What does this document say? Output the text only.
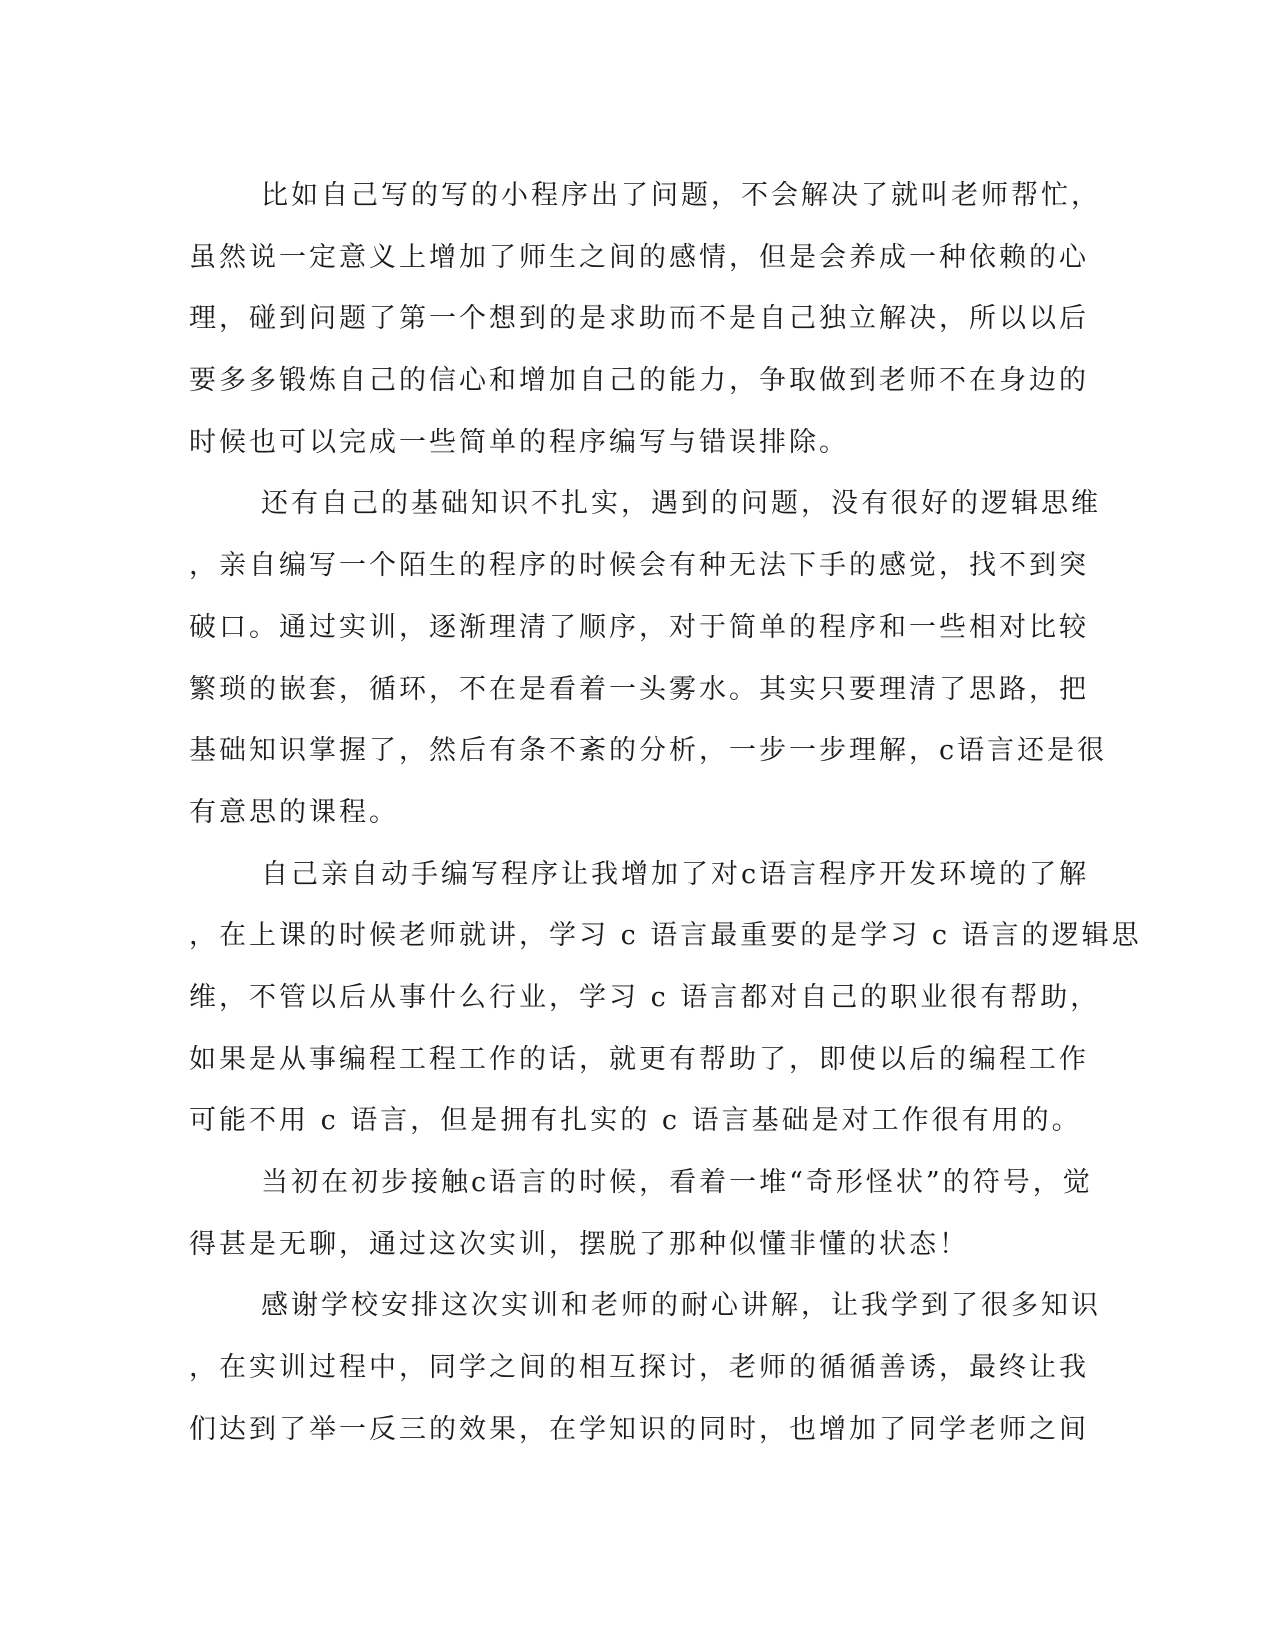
比如自己写的写的小程序出了问题，不会解决了就叫老师帮忙，
虽然说一定意义上增加了师生之间的感情，但是会养成一种依赖的心
理，碰到问题了第一个想到的是求助而不是自己独立解决，所以以后
要多多锻炼自己的信心和增加自己的能力，争取做到老师不在身边的
时候也可以完成一些简单的程序编写与错误排除。
还有自己的基础知识不扎实，遇到的问题，没有很好的逻辑思维
，亲自编写一个陌生的程序的时候会有种无法下手的感觉，找不到突
破口。通过实训，逐渐理清了顺序，对于简单的程序和一些相对比较
繁琐的嵌套，循环，不在是看着一头雾水。其实只要理清了思路，把
基础知识掌握了，然后有条不紊的分析，一步一步理解，c语言还是很
有意思的课程。
自己亲自动手编写程序让我增加了对c语言程序开发环境的了解
，在上课的时候老师就讲，学习 c 语言最重要的是学习 c 语言的逻辑思
维，不管以后从事什么行业，学习 c 语言都对自己的职业很有帮助，
如果是从事编程工程工作的话，就更有帮助了，即使以后的编程工作
可能不用 c 语言，但是拥有扎实的 c 语言基础是对工作很有用的。
当初在初步接触c语言的时候，看着一堆“奇形怪状”的符号，觉
得甚是无聊，通过这次实训，摆脱了那种似懂非懂的状态！
感谢学校安排这次实训和老师的耐心讲解，让我学到了很多知识
，在实训过程中，同学之间的相互探讨，老师的循循善诱，最终让我
们达到了举一反三的效果，在学知识的同时，也增加了同学老师之间
